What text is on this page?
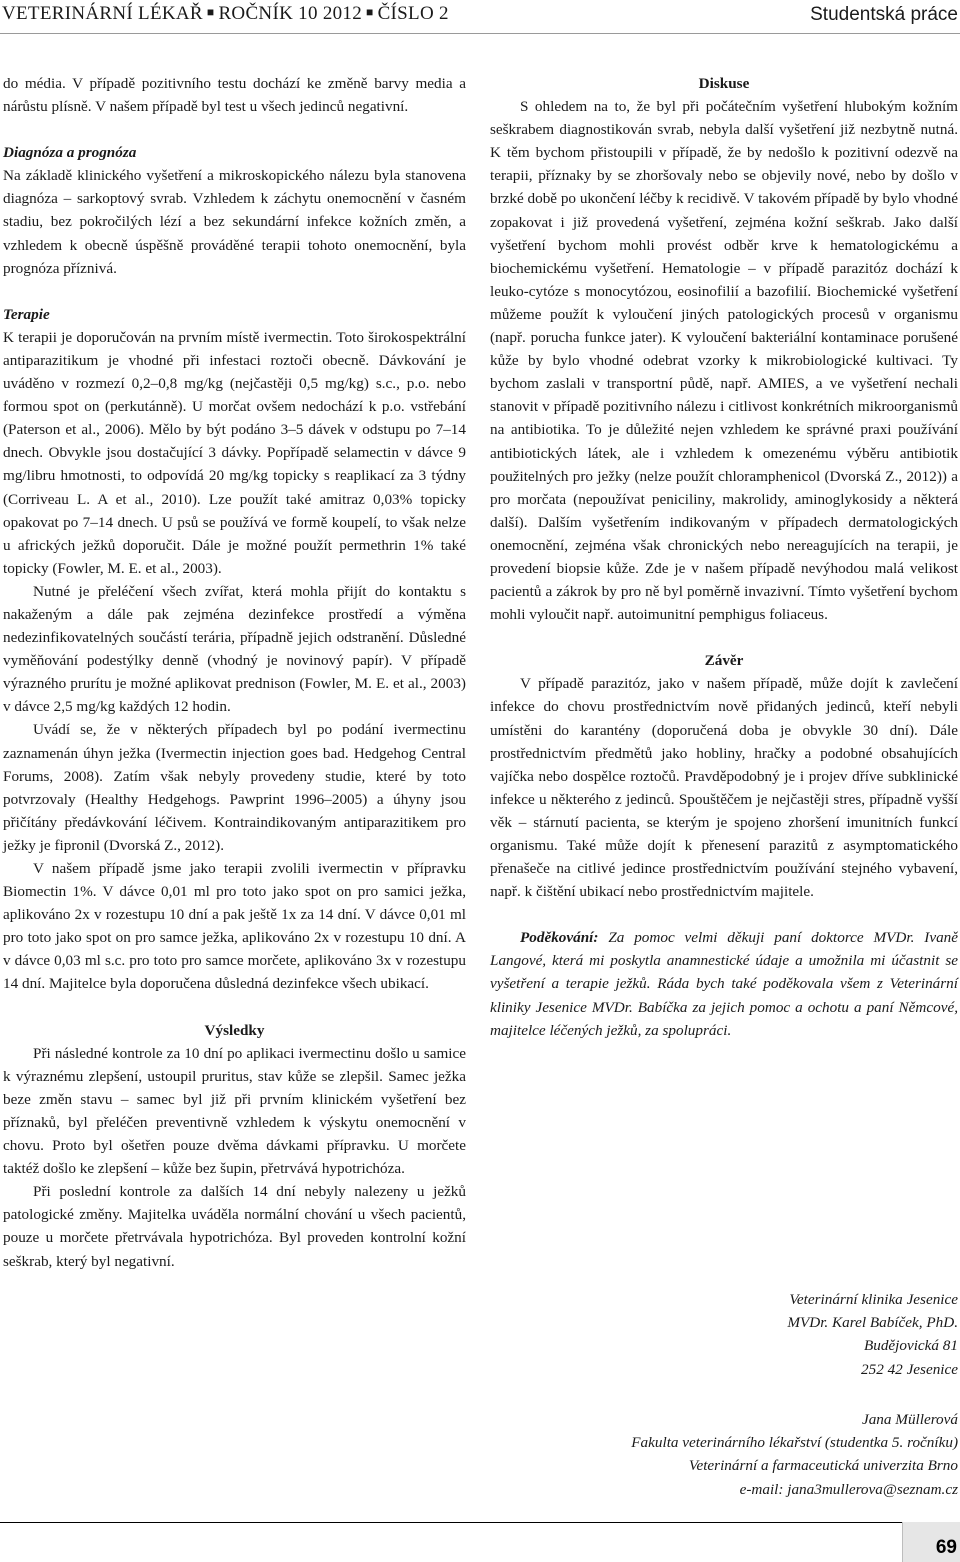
VETERINÁRNÍ LÉKAŘ ■ ROČNÍK 10 2012 ■ ČÍSLO 2	Studentská práce

do média. V případě pozitivního testu dochází ke změně barvy media a nárůstu plísně. V našem případě byl test u všech jedinců negativní.

Diagnóza a prognóza

Na základě klinického vyšetření a mikroskopického nálezu byla stanovena diagnóza – sarkoptový svrab. Vzhledem k záchytu onemocnění v časném stadiu, bez pokročilých lézí a bez sekundární infekce kožních změn, a vzhledem k obecně úspěšně prováděné terapii tohoto onemocnění, byla prognóza příznivá.

Terapie

K terapii je doporučován na prvním místě ivermectin. Toto širokospektrální antiparazitikum je vhodné při infestaci roztoči obecně. Dávkování je uváděno v rozmezí 0,2–0,8 mg/kg (nejčastěji 0,5 mg/kg) s.c., p.o. nebo formou spot on (perkutánně). U morčat ovšem nedochází k p.o. vstřebání (Paterson et al., 2006). Mělo by být podáno 3–5 dávek v odstupu po 7–14 dnech. Obvykle jsou dostačující 3 dávky. Popřípadě selamectin v dávce 9 mg/libru hmotnosti, to odpovídá 20 mg/kg topicky s reaplikací za 3 týdny (Corriveau L. A et al., 2010). Lze použít také amitraz 0,03% topicky opakovat po 7–14 dnech. U psů se používá ve formě koupelí, to však nelze u afrických ježků doporučit. Dále je možné použít permethrin 1% také topicky (Fowler, M. E. et al., 2003).

Nutné je přeléčení všech zvířat, která mohla přijít do kontaktu s nakaženým a dále pak zejména dezinfekce prostředí a výměna nedezinfikovatelných součástí terária, případně jejich odstranění. Důsledné vyměňování podestýlky denně (vhodný je novinový papír). V případě výrazného prurítu je možné aplikovat prednison (Fowler, M. E. et al., 2003) v dávce 2,5 mg/kg každých 12 hodin.

Uvádí se, že v některých případech byl po podání ivermectinu zaznamenán úhyn ježka (Ivermectin injection goes bad. Hedgehog Central Forums, 2008). Zatím však nebyly provedeny studie, které by toto potvrzovaly (Healthy Hedgehogs. Pawprint 1996–2005) a úhyny jsou přičítány předávkování léčivem. Kontraindikovaným antiparazitikem pro ježky je fipronil (Dvorská Z., 2012).

V našem případě jsme jako terapii zvolili ivermectin v přípravku Biomectin 1%. V dávce 0,01 ml pro toto jako spot on pro samici ježka, aplikováno 2x v rozestupu 10 dní a pak ještě 1x za 14 dní. V dávce 0,01 ml pro toto jako spot on pro samce ježka, aplikováno 2x v rozestupu 10 dní. A v dávce 0,03 ml s.c. pro toto pro samce morčete, aplikováno 3x v rozestupu 14 dní. Majitelce byla doporučena důsledná dezinfekce všech ubikací.

Výsledky

Při následné kontrole za 10 dní po aplikaci ivermectinu došlo u samice k výraznému zlepšení, ustoupil pruritus, stav kůže se zlepšil. Samec ježka beze změn stavu – samec byl již při prvním klinickém vyšetření bez příznaků, byl přeléčen preventivně vzhledem k výskytu onemocnění v chovu. Proto byl ošetřen pouze dvěma dávkami přípravku. U morčete taktéž došlo ke zlepšení – kůže bez šupin, přetrvává hypotrichóza.

Při poslední kontrole za dalších 14 dní nebyly nalezeny u ježků patologické změny. Majitelka uváděla normální chování u všech pacientů, pouze u morčete přetrvávala hypotrichóza. Byl proveden kontrolní kožní seškrab, který byl negativní.

Diskuse

S ohledem na to, že byl při počátečním vyšetření hlubokým kožním seškrabem diagnostikován svrab, nebyla další vyšetření již nezbytně nutná. K těm bychom přistoupili v případě, že by nedošlo k pozitivní odezvě na terapii, příznaky by se zhoršovaly nebo se objevily nové, nebo by došlo v brzké době po ukončení léčby k recidivě. V takovém případě by bylo vhodné zopakovat i již provedená vyšetření, zejména kožní seškrab. Jako další vyšetření bychom mohli provést odběr krve k hematologickému a biochemickému vyšetření. Hematologie – v případě parazitóz dochází k leuko-cytóze s monocytózou, eosinofilií a bazofilií. Biochemické vyšetření můžeme použít k vyloučení jiných patologických procesů v organismu (např. porucha funkce jater). K vyloučení bakteriální kontaminace porušené kůže by bylo vhodné odebrat vzorky k mikrobiologické kultivaci. Ty bychom zaslali v transportní půdě, např. AMIES, a ve vyšetření nechali stanovit v případě pozitivního nálezu i citlivost konkrétních mikroorganismů na antibiotika. To je důležité nejen vzhledem ke správné praxi používání antibiotických látek, ale i vzhledem k omezenému výběru antibiotik použitelných pro ježky (nelze použít chloramphenicol (Dvorská Z., 2012)) a pro morčata (nepoužívat peniciliny, makrolidy, aminoglykosidy a některá další). Dalším vyšetřením indikovaným v případech dermatologických onemocnění, zejména však chronických nebo nereagujících na terapii, je provedení biopsie kůže. Zde je v našem případě nevýhodou malá velikost pacientů a zákrok by pro ně byl poměrně invazivní. Tímto vyšetření bychom mohli vyloučit např. autoimunitní pemphigus foliaceus.

Závěr

V případě parazitóz, jako v našem případě, může dojít k zavlečení infekce do chovu prostřednictvím nově přidaných jedinců, kteří nebyli umístěni do karantény (doporučená doba je obvykle 30 dní). Dále prostřednictvím předmětů jako hobliny, hračky a podobné obsahujících vajíčka nebo dospělce roztočů. Pravděpodobný je i projev dříve subklinické infekce u některého z jedinců. Spouštěčem je nejčastěji stres, případně vyšší věk – stárnutí pacienta, se kterým je spojeno zhoršení imunitních funkcí organismu. Také může dojít k přenesení parazitů z asymptomatického přenašeče na citlivé jedince prostřednictvím používání stejného vybavení, např. k čištění ubikací nebo prostřednictvím majitele.

Poděkování: Za pomoc velmi děkuji paní doktorce MVDr. Ivaně Langové, která mi poskytla anamnestické údaje a umožnila mi účastnit se vyšetření a terapie ježků. Ráda bych také poděkovala všem z Veterinární kliniky Jesenice MVDr. Babíčka za jejich pomoc a ochotu a paní Němcové, majitelce léčených ježků, za spolupráci.

Veterinární klinika Jesenice
MVDr. Karel Babíček, PhD.
Budějovická 81
252 42 Jesenice
Jana Müllerová
Fakulta veterinárního lékařství (studentka 5. ročníku)
Veterinární a farmaceutická univerzita Brno
e-mail: jana3mullerova@seznam.cz
69
